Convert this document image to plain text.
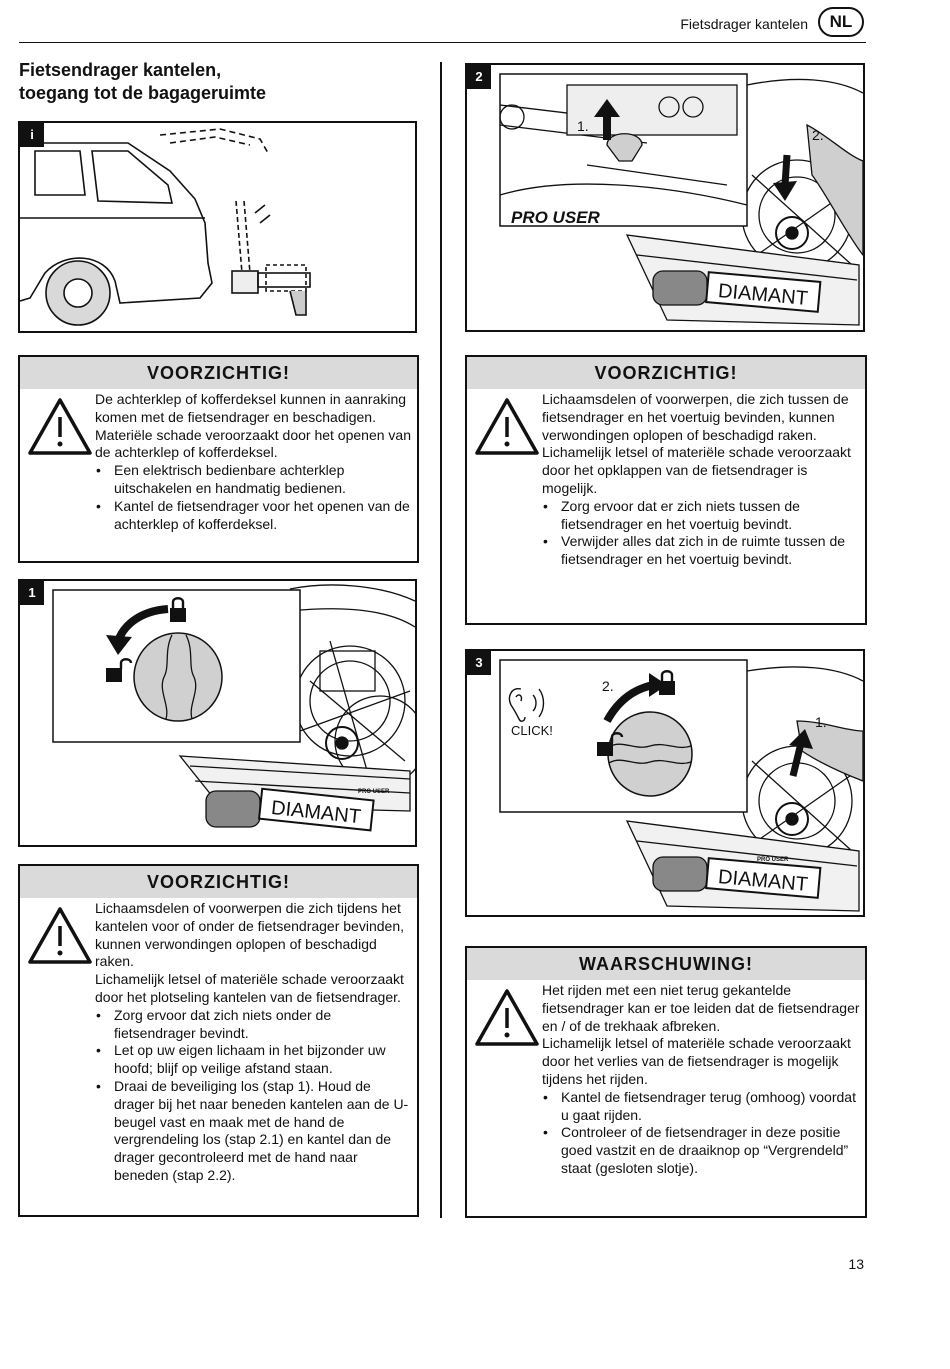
Fietsdrager kantelen	NL
Fietsendrager kantelen,
toegang tot de bagageruimte
i
VOORZICHTIG!

De achterklep of kofferdeksel kunnen in aanraking komen met de fietsendrager en beschadigen.

Materiële schade veroorzaakt door het openen van de achterklep of kofferdeksel.

• Een elektrisch bedienbare achterklep uitschakelen en handmatig bedienen.
• Kantel de fietsendrager voor het openen van de achterklep of kofferdeksel.
DIAMANT
PRO USER
1
VOORZICHTIG!

Lichaamsdelen of voorwerpen die zich tijdens het kantelen voor of onder de fietsendrager bevinden, kunnen verwondingen oplopen of beschadigd raken.

Lichamelijk letsel of materiële schade veroorzaakt door het plotseling kantelen van de fietsendrager.

• Zorg ervoor dat zich niets onder de fietsendrager bevindt.
• Let op uw eigen lichaam in het bijzonder uw hoofd; blijf op veilige afstand staan.
• Draai de beveiliging los (stap 1). Houd de drager bij het naar beneden kantelen aan de U-beugel vast en maak met de hand de vergrendeling los (stap 2.1) en kantel dan de drager gecontroleerd met de hand naar beneden (stap 2.2).
DIAMANT
2.
1.
PRO USER
2
VOORZICHTIG!

Lichaamsdelen of voorwerpen, die zich tussen de fietsendrager en het voertuig bevinden, kunnen verwondingen oplopen of beschadigd raken.

Lichamelijk letsel of materiële schade veroorzaakt door het opklappen van de fietsendrager is mogelijk.

• Zorg ervoor dat er zich niets tussen de fietsendrager en het voertuig bevindt.
• Verwijder alles dat zich in de ruimte tussen de fietsendrager en het voertuig bevindt.
DIAMANT
PRO USER
1.
2.
CLICK!
3
WAARSCHUWING!

Het rijden met een niet terug gekantelde fietsendrager kan er toe leiden dat de fietsendrager en / of de trekhaak afbreken.

Lichamelijk letsel of materiële schade veroorzaakt door het verlies van de fietsendrager is mogelijk tijdens het rijden.

• Kantel de fietsendrager terug (omhoog) voordat u gaat rijden.
• Controleer of de fietsendrager in deze positie goed vastzit en de draaiknop op “Vergrendeld” staat (gesloten slotje).
13
